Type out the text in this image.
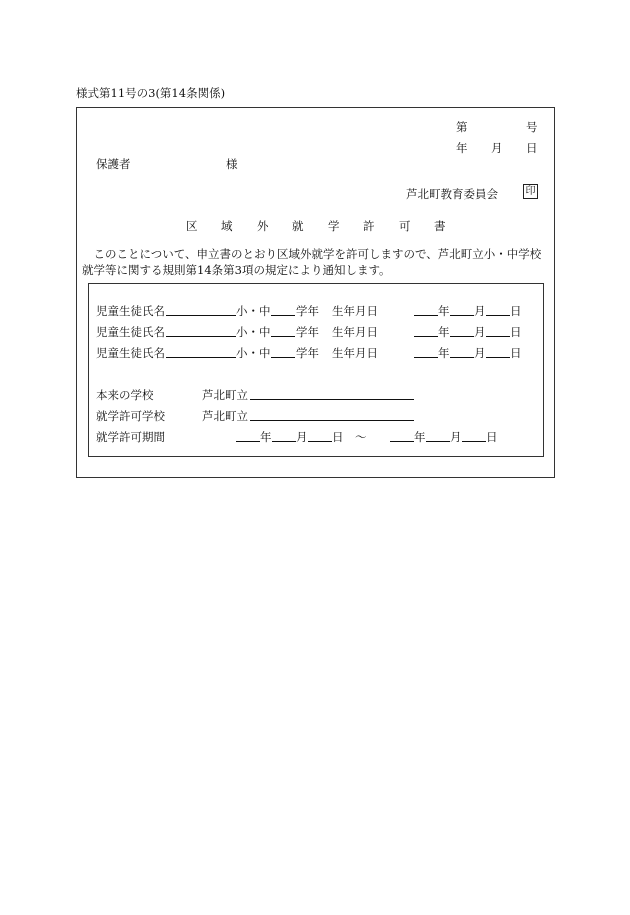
様式第11号の3(第14条関係)
第	号
年 月 日
保護者	様
芦北町教育委員会	印
区 域 外 就 学 許 可 書
　このことについて、申立書のとおり区域外就学を許可しますので、芦北町立小・中学校就学等に関する規則第14条第3項の規定により通知します。
児童生徒氏名	小・中 学年 生年月日	年 月 日
児童生徒氏名	小・中 学年 生年月日	年 月 日
児童生徒氏名	小・中 学年 生年月日	年 月 日
本来の学校	芦北町立
就学許可学校	芦北町立
就学許可期間	年 月 日 ～	年 月 日
